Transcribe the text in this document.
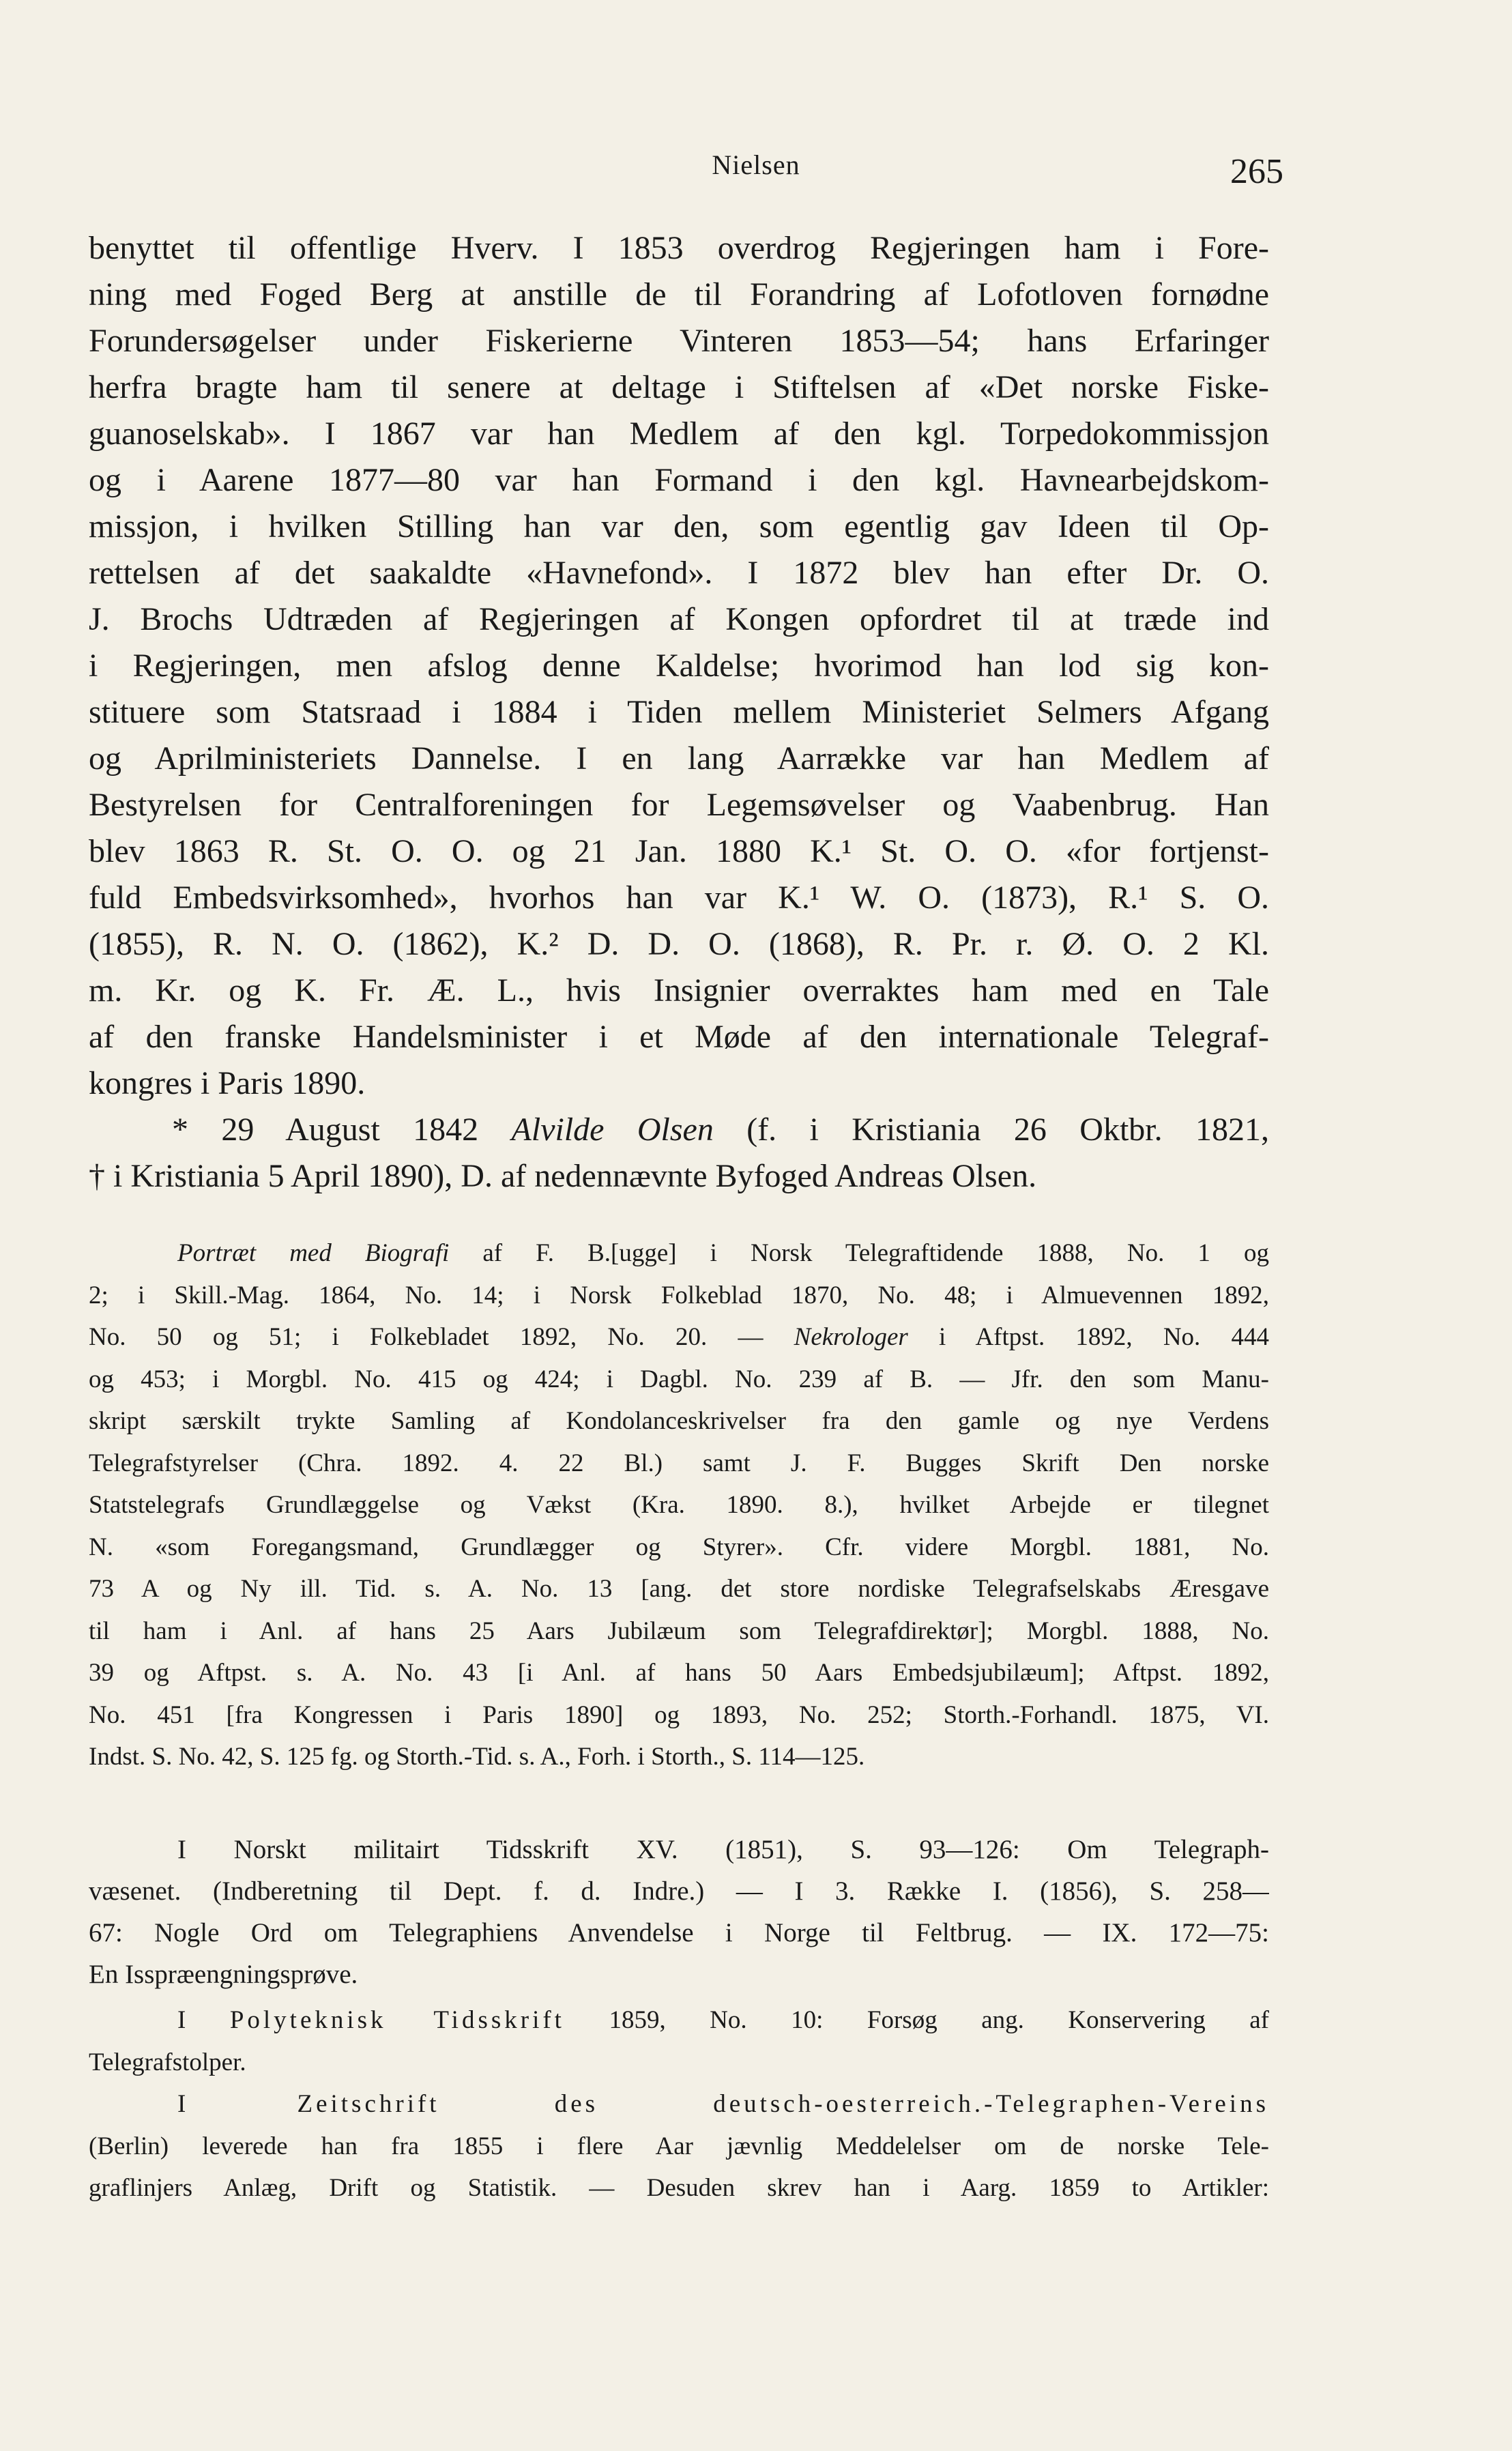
Nielsen	265
benyttet til offentlige Hverv. I 1853 overdrog Regjeringen ham i Fore-
ning med Foged Berg at anstille de til Forandring af Lofotloven fornødne
Forundersøgelser under Fiskerierne Vinteren 1853—54; hans Erfaringer
herfra bragte ham til senere at deltage i Stiftelsen af «Det norske Fiske-
guanoselskab». I 1867 var han Medlem af den kgl. Torpedokommissjon
og i Aarene 1877—80 var han Formand i den kgl. Havnearbejdskom-
missjon, i hvilken Stilling han var den, som egentlig gav Ideen til Op-
rettelsen af det saakaldte «Havnefond». I 1872 blev han efter Dr. O.
J. Brochs Udtræden af Regjeringen af Kongen opfordret til at træde ind
i Regjeringen, men afslog denne Kaldelse; hvorimod han lod sig kon-
stituere som Statsraad i 1884 i Tiden mellem Ministeriet Selmers Afgang
og Aprilministeriets Dannelse. I en lang Aarrække var han Medlem af
Bestyrelsen for Centralforeningen for Legemsøvelser og Vaabenbrug. Han
blev 1863 R. St. O. O. og 21 Jan. 1880 K.¹ St. O. O. «for fortjenst-
fuld Embedsvirksomhed», hvorhos han var K.¹ W. O. (1873), R.¹ S. O.
(1855), R. N. O. (1862), K.² D. D. O. (1868), R. Pr. r. Ø. O. 2 Kl.
m. Kr. og K. Fr. Æ. L., hvis Insignier overraktes ham med en Tale
af den franske Handelsminister i et Møde af den internationale Telegraf-
kongres i Paris 1890.
* 29 August 1842 Alvilde Olsen (f. i Kristiania 26 Oktbr. 1821,
† i Kristiania 5 April 1890), D. af nedennævnte Byfoged Andreas Olsen.
Portræt med Biografi af F. B.[ugge] i Norsk Telegraftidende 1888, No. 1 og
2; i Skill.-Mag. 1864, No. 14; i Norsk Folkeblad 1870, No. 48; i Almuevennen 1892,
No. 50 og 51; i Folkebladet 1892, No. 20. — Nekrologer i Aftpst. 1892, No. 444
og 453; i Morgbl. No. 415 og 424; i Dagbl. No. 239 af B. — Jfr. den som Manu-
skript særskilt trykte Samling af Kondolanceskrivelser fra den gamle og nye Verdens
Telegrafstyrelser (Chra. 1892. 4. 22 Bl.) samt J. F. Bugges Skrift Den norske
Statstelegrafs Grundlæggelse og Vækst (Kra. 1890. 8.), hvilket Arbejde er tilegnet
N. «som Foregangsmand, Grundlægger og Styrer». Cfr. videre Morgbl. 1881, No.
73 A og Ny ill. Tid. s. A. No. 13 [ang. det store nordiske Telegrafselskabs Æresgave
til ham i Anl. af hans 25 Aars Jubilæum som Telegrafdirektør]; Morgbl. 1888, No.
39 og Aftpst. s. A. No. 43 [i Anl. af hans 50 Aars Embedsjubilæum]; Aftpst. 1892,
No. 451 [fra Kongressen i Paris 1890] og 1893, No. 252; Storth.-Forhandl. 1875, VI.
Indst. S. No. 42, S. 125 fg. og Storth.-Tid. s. A., Forh. i Storth., S. 114—125.
I Norskt militairt Tidsskrift XV. (1851), S. 93—126: Om Telegraph-
væsenet. (Indberetning til Dept. f. d. Indre.) — I 3. Række I. (1856), S. 258—
67: Nogle Ord om Telegraphiens Anvendelse i Norge til Feltbrug. — IX. 172—75:
En Isspræengningsprøve.
I Polyteknisk Tidsskrift 1859, No. 10: Forsøg ang. Konservering af
Telegrafstolper.
I Zeitschrift des deutsch-oesterreich.-Telegraphen-Vereins
(Berlin) leverede han fra 1855 i flere Aar jævnlig Meddelelser om de norske Tele-
graflinjers Anlæg, Drift og Statistik. — Desuden skrev han i Aarg. 1859 to Artikler:
